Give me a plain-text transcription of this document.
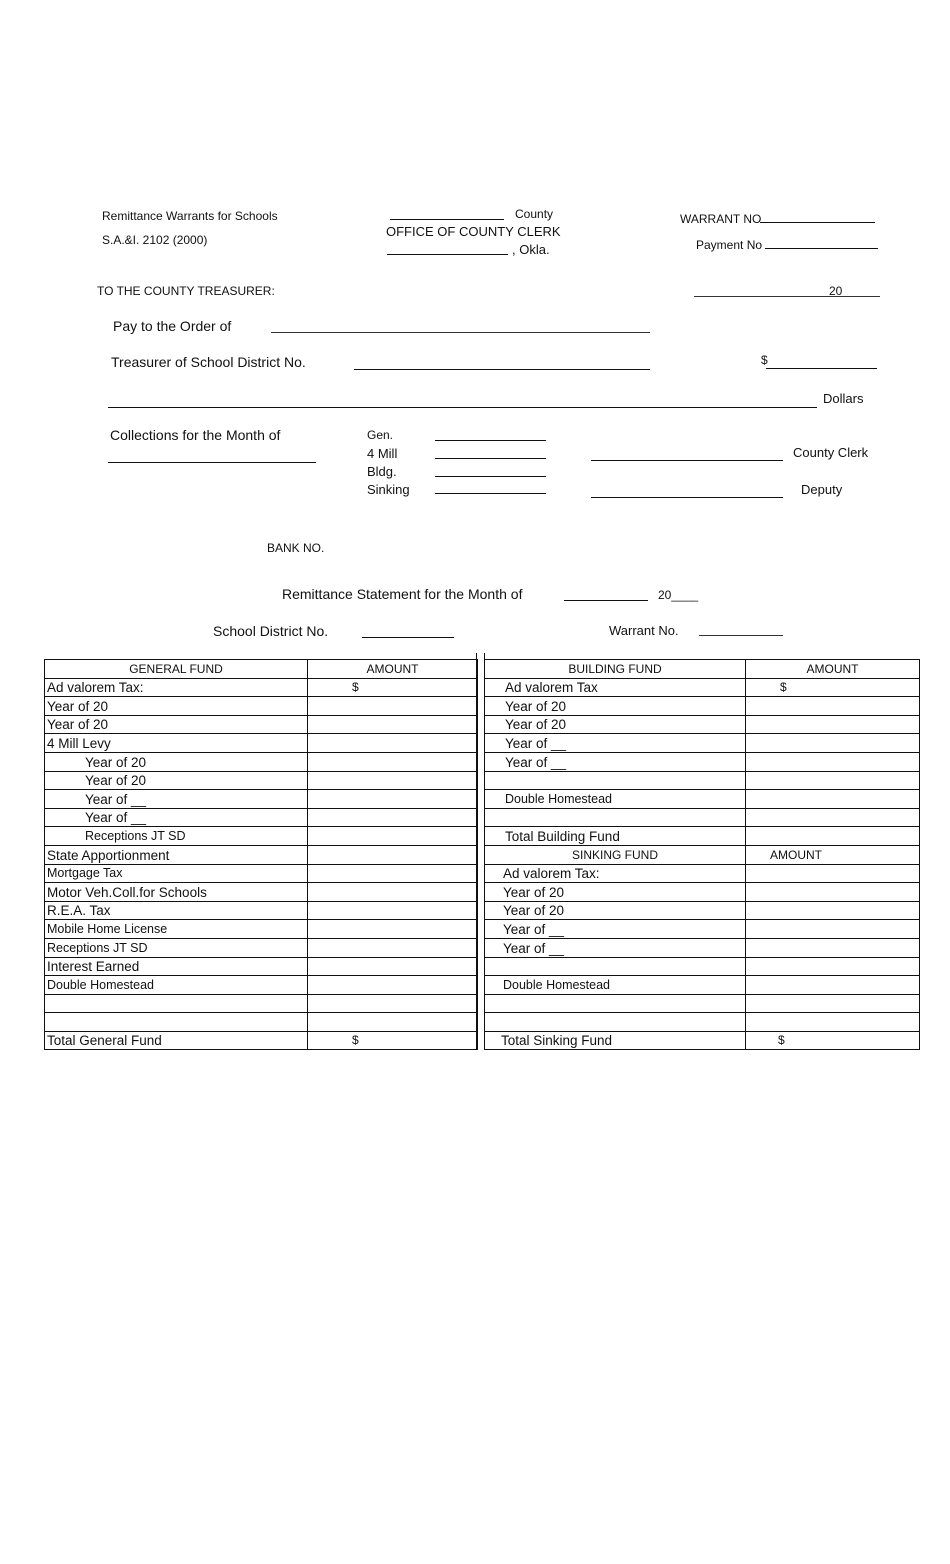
Remittance Warrants for Schools
S.A.&I. 2102 (2000)
County
OFFICE OF COUNTY CLERK
, Okla.
WARRANT NO
Payment No
TO THE COUNTY TREASURER:	20
Pay to the Order of
Treasurer of School District No.	$
Dollars
Collections for the Month of	Gen.
4 Mill
Bldg.
Sinking
County Clerk
Deputy
BANK NO.
Remittance Statement for the Month of	20____
School District No.	Warrant No.
GENERAL FUND	AMOUNT
Ad valorem Tax:	$
Year of 20	
Year of 20	
4 Mill Levy	
Year of 20	
Year of 20	
Year of __	
Year of __	
Receptions JT SD	
State Apportionment	
Mortgage Tax	
Motor Veh.Coll.for Schools	
R.E.A. Tax	
Mobile Home License	
Receptions JT SD	
Interest Earned	
Double Homestead	

Total General Fund	$
BUILDING FUND	AMOUNT
Ad valorem Tax	$
Year of 20	
Year of 20	
Year of __	
Year of __	

Double Homestead	

Total Building Fund	
SINKING FUND	AMOUNT
Ad valorem Tax:	
Year of 20	
Year of 20	
Year of __	
Year of __	

Double Homestead	

Total Sinking Fund	$
